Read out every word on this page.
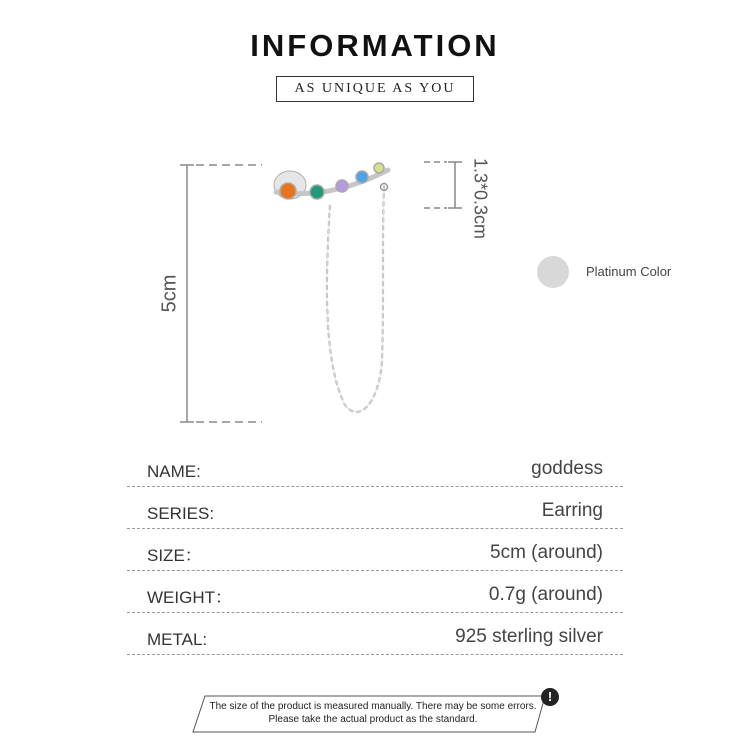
INFORMATION
AS UNIQUE AS YOU
5cm
1.3*0.3cm
Platinum Color
NAME:	goddess
SERIES:	Earring
SIZE：	5cm (around)
WEIGHT：	0.7g (around)
METAL:	925 sterling silver
The size of the product is measured manually. There may be some errors.
Please take the actual product as the standard.
!
